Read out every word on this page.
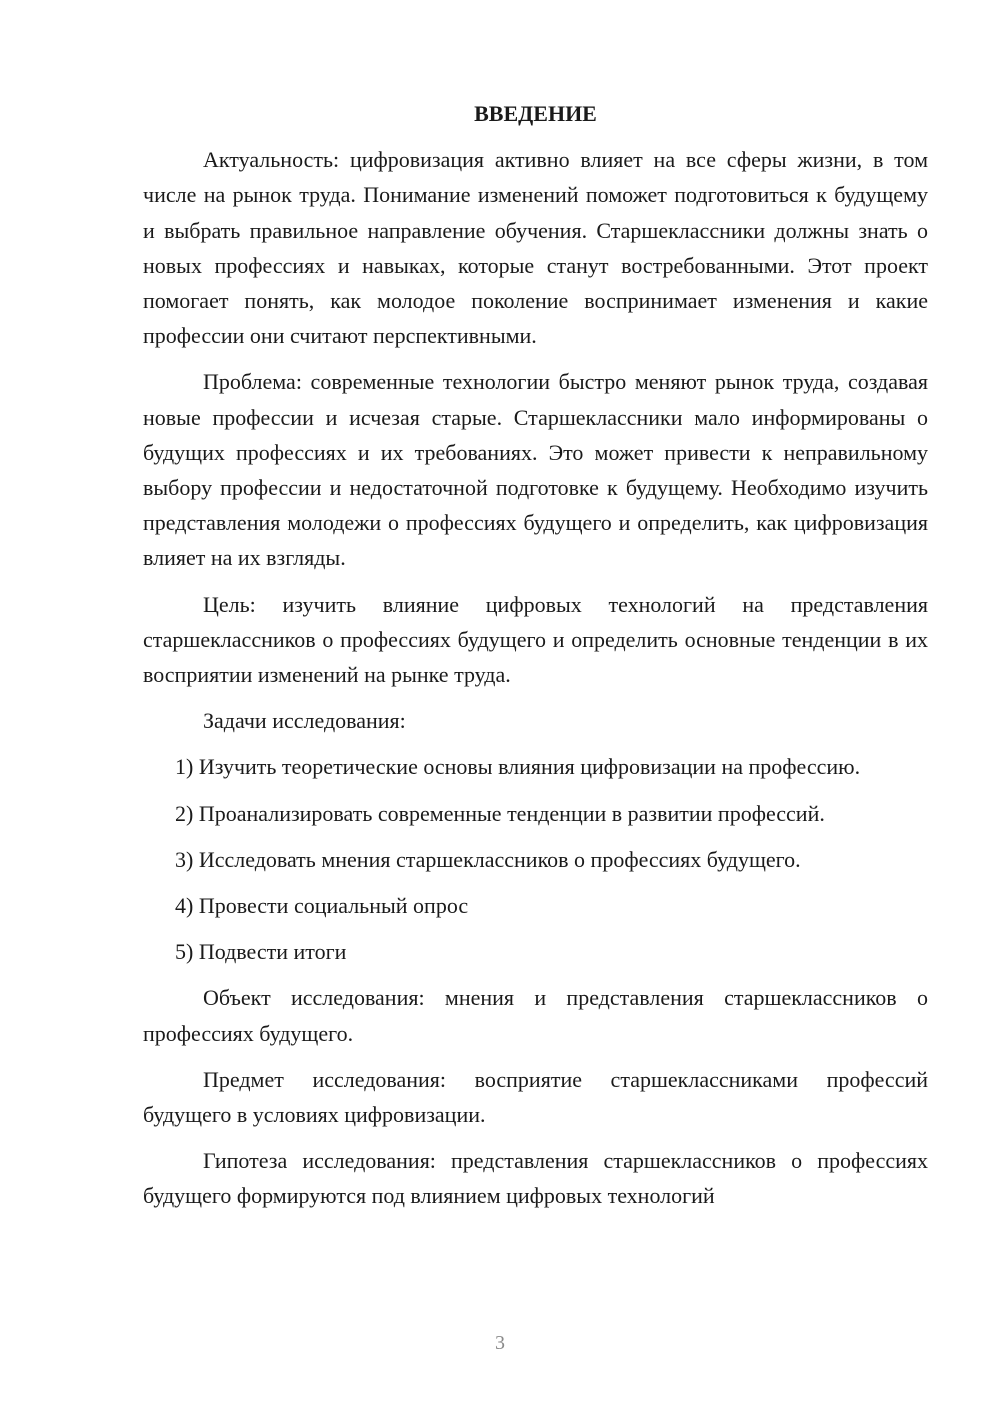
ВВЕДЕНИЕ

Актуальность: цифровизация активно влияет на все сферы жизни, в том числе на рынок труда. Понимание изменений поможет подготовиться к будущему и выбрать правильное направление обучения. Старшеклассники должны знать о новых профессиях и навыках, которые станут востребованными. Этот проект помогает понять, как молодое поколение воспринимает изменения и какие профессии они считают перспективными.

Проблема: современные технологии быстро меняют рынок труда, создавая новые профессии и исчезая старые. Старшеклассники мало информированы о будущих профессиях и их требованиях. Это может привести к неправильному выбору профессии и недостаточной подготовке к будущему. Необходимо изучить представления молодежи о профессиях будущего и определить, как цифровизация влияет на их взгляды.

Цель: изучить влияние цифровых технологий на представления старшеклассников о профессиях будущего и определить основные тенденции в их восприятии изменений на рынке труда.

Задачи исследования:

1) Изучить теоретические основы влияния цифровизации на профессию.

2) Проанализировать современные тенденции в развитии профессий.

3) Исследовать мнения старшеклассников о профессиях будущего.

4) Провести социальный опрос

5) Подвести итоги

Объект исследования: мнения и представления старшеклассников о профессиях будущего.

Предмет исследования: восприятие старшеклассниками профессий будущего в условиях цифровизации.

Гипотеза исследования: представления старшеклассников о профессиях будущего формируются под влиянием цифровых технологий

3
